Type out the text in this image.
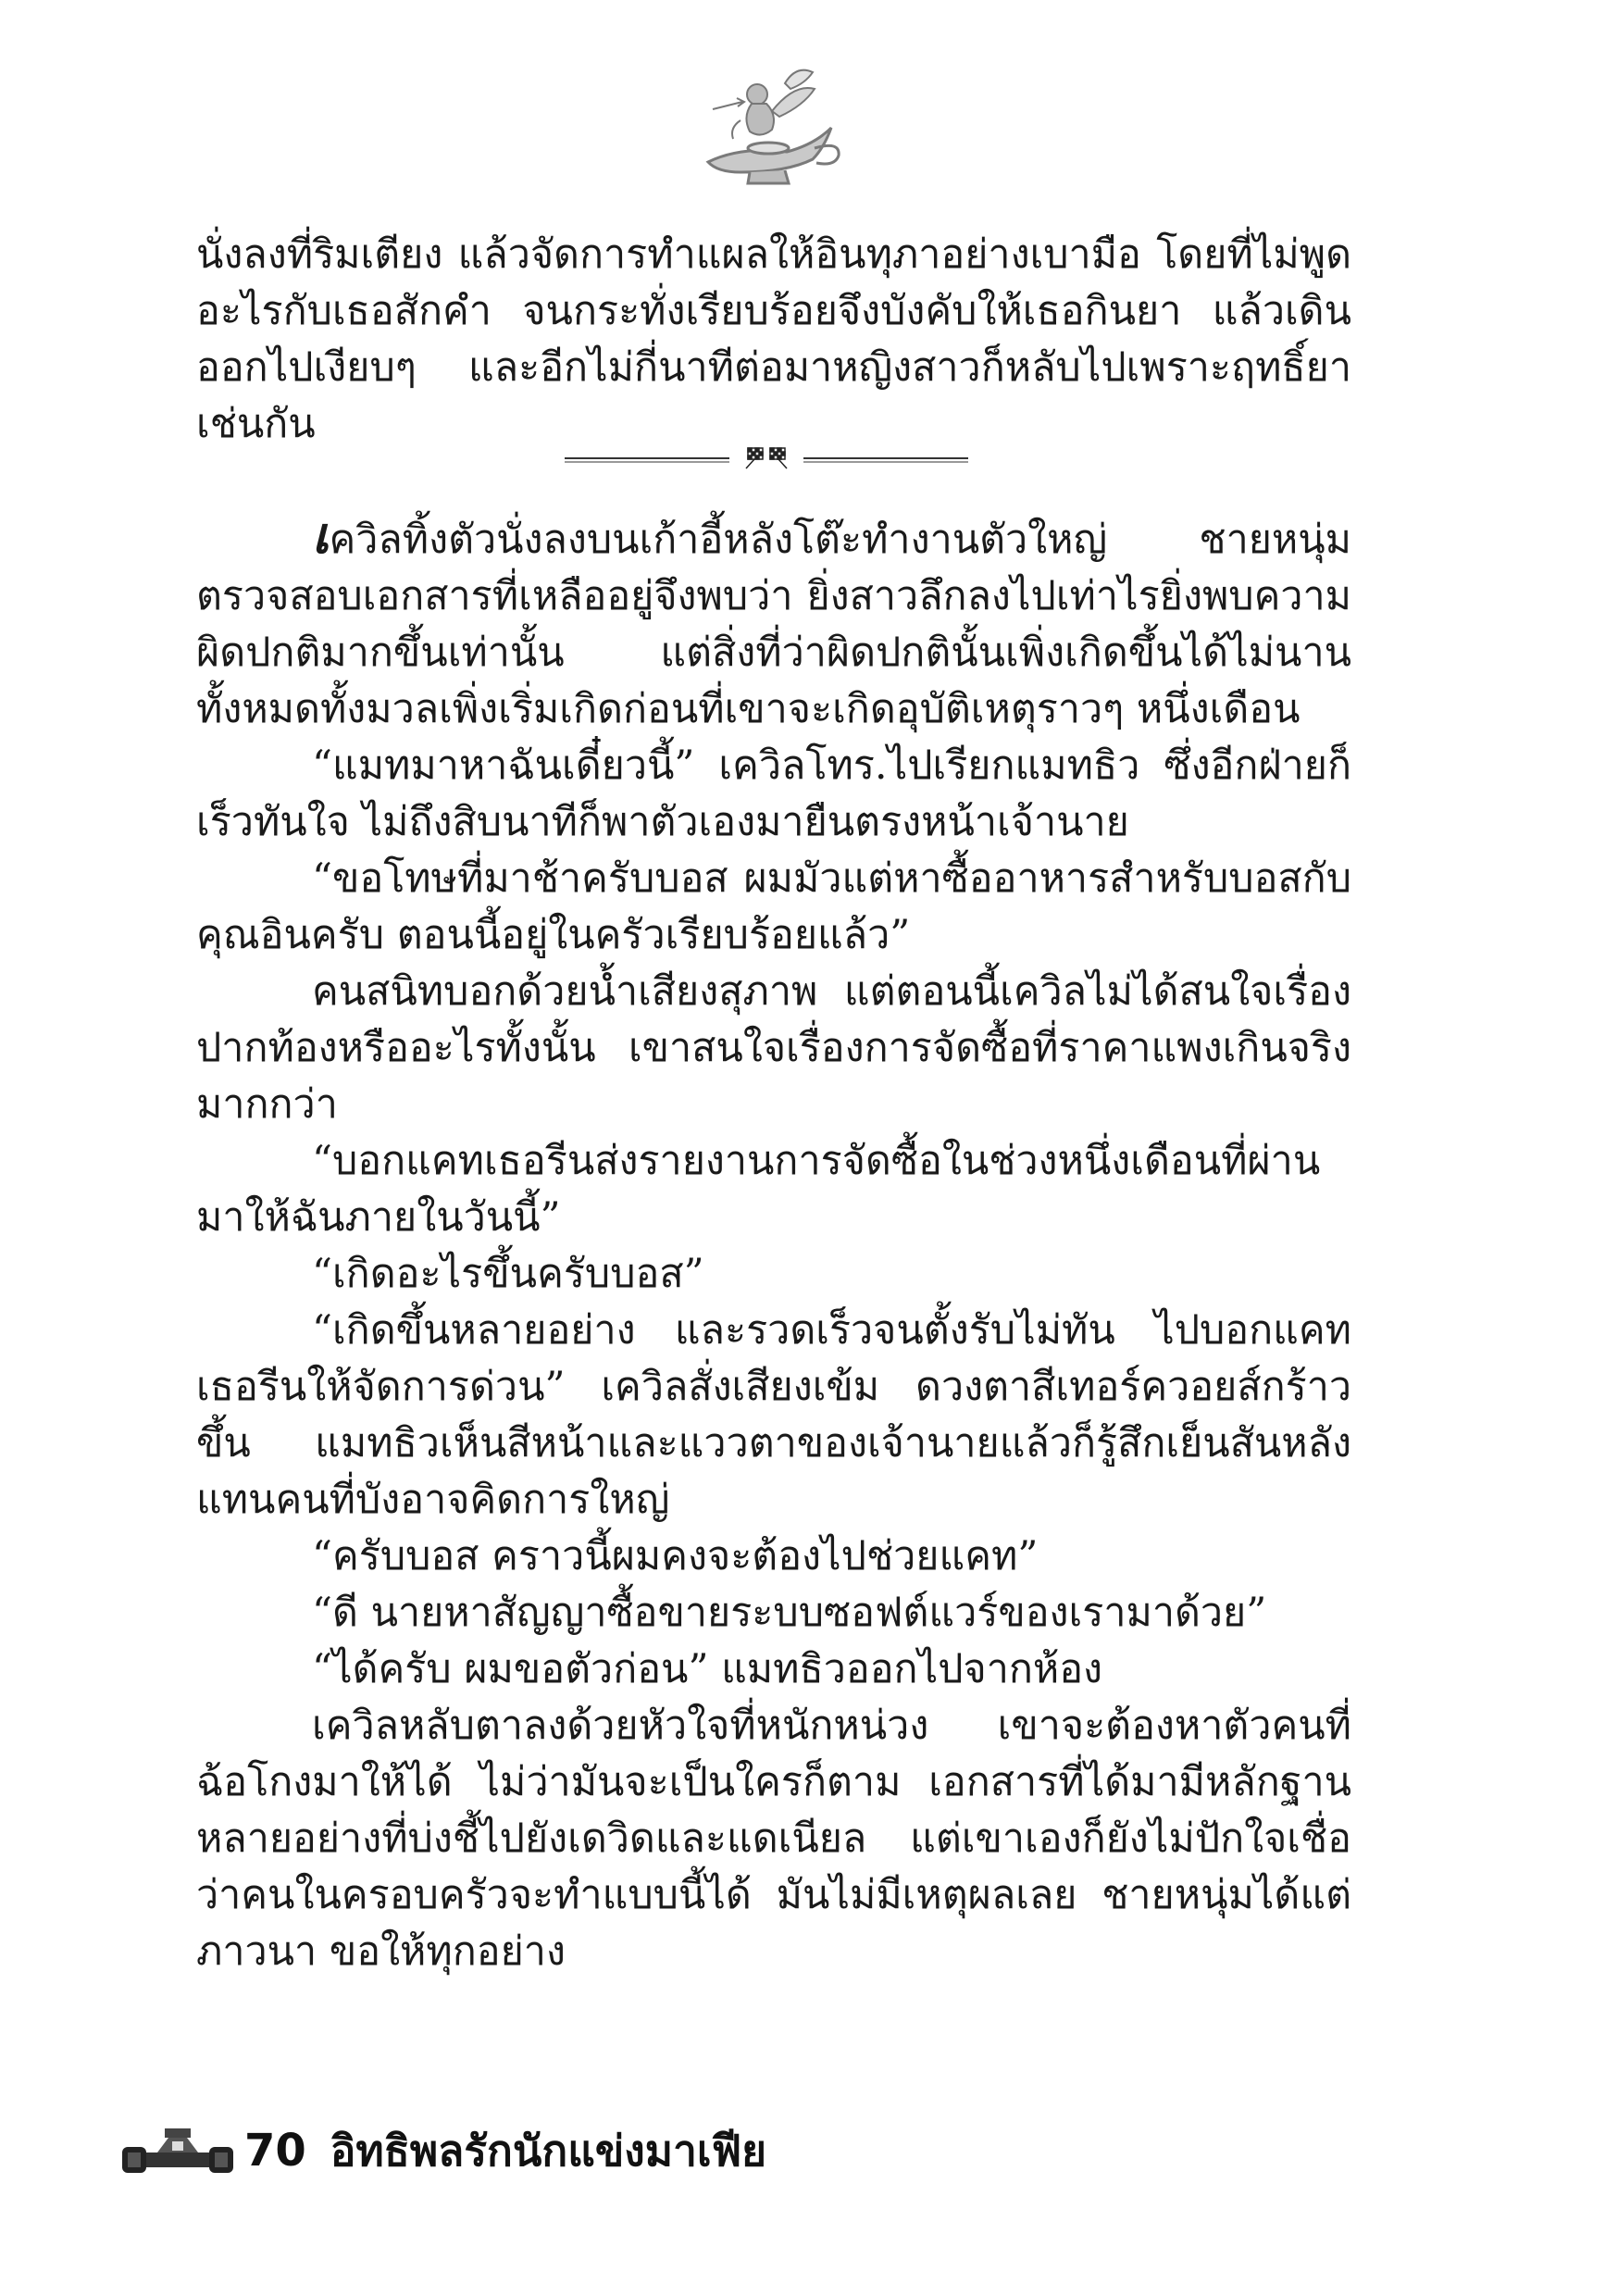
นั่งลงที่ริมเตียง แล้วจัดการทำแผลให้อินทุภาอย่างเบามือ โดยที่ไม่พูดอะไรกับเธอสักคำ จนกระทั่งเรียบร้อยจึงบังคับให้เธอกินยา แล้วเดินออกไปเงียบๆ และอีกไม่กี่นาทีต่อมาหญิงสาวก็หลับไปเพราะฤทธิ์ยาเช่นกัน

เควิลทิ้งตัวนั่งลงบนเก้าอี้หลังโต๊ะทำงานตัวใหญ่ ชายหนุ่มตรวจสอบเอกสารที่เหลืออยู่จึงพบว่า ยิ่งสาวลึกลงไปเท่าไรยิ่งพบความผิดปกติมากขึ้นเท่านั้น แต่สิ่งที่ว่าผิดปกตินั้นเพิ่งเกิดขึ้นได้ไม่นาน ทั้งหมดทั้งมวลเพิ่งเริ่มเกิดก่อนที่เขาจะเกิดอุบัติเหตุราวๆ หนึ่งเดือน

“แมทมาหาฉันเดี๋ยวนี้” เควิลโทร.ไปเรียกแมทธิว ซึ่งอีกฝ่ายก็เร็วทันใจ ไม่ถึงสิบนาทีก็พาตัวเองมายืนตรงหน้าเจ้านาย

“ขอโทษที่มาช้าครับบอส ผมมัวแต่หาซื้ออาหารสำหรับบอสกับคุณอินครับ ตอนนี้อยู่ในครัวเรียบร้อยแล้ว”

คนสนิทบอกด้วยน้ำเสียงสุภาพ แต่ตอนนี้เควิลไม่ได้สนใจเรื่องปากท้องหรืออะไรทั้งนั้น เขาสนใจเรื่องการจัดซื้อที่ราคาแพงเกินจริงมากกว่า

“บอกแคทเธอรีนส่งรายงานการจัดซื้อในช่วงหนึ่งเดือนที่ผ่านมาให้ฉันภายในวันนี้”

“เกิดอะไรขึ้นครับบอส”

“เกิดขึ้นหลายอย่าง และรวดเร็วจนตั้งรับไม่ทัน ไปบอกแคทเธอรีนให้จัดการด่วน” เควิลสั่งเสียงเข้ม ดวงตาสีเทอร์ควอยส์กร้าวขึ้น แมทธิวเห็นสีหน้าและแววตาของเจ้านายแล้วก็รู้สึกเย็นสันหลังแทนคนที่บังอาจคิดการใหญ่

“ครับบอส คราวนี้ผมคงจะต้องไปช่วยแคท”

“ดี นายหาสัญญาซื้อขายระบบซอฟต์แวร์ของเรามาด้วย”

“ได้ครับ ผมขอตัวก่อน” แมทธิวออกไปจากห้อง

เควิลหลับตาลงด้วยหัวใจที่หนักหน่วง เขาจะต้องหาตัวคนที่ฉ้อโกงมาให้ได้ ไม่ว่ามันจะเป็นใครก็ตาม เอกสารที่ได้มามีหลักฐานหลายอย่างที่บ่งชี้ไปยังเดวิดและแดเนียล แต่เขาเองก็ยังไม่ปักใจเชื่อว่าคนในครอบครัวจะทำแบบนี้ได้ มันไม่มีเหตุผลเลย ชายหนุ่มได้แต่ภาวนา ขอให้ทุกอย่าง

70 อิทธิพลรักนักแข่งมาเฟีย
